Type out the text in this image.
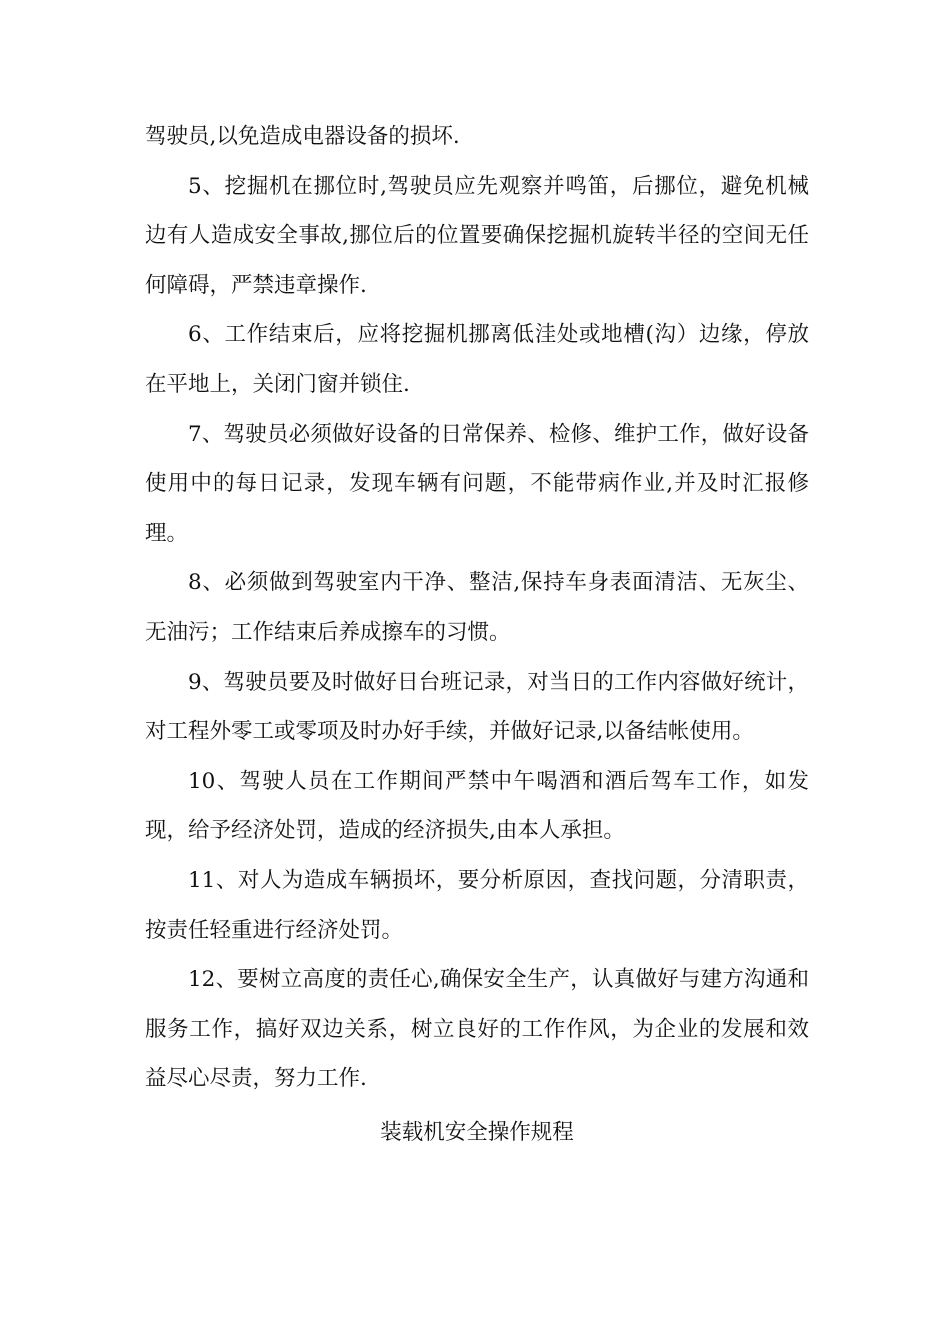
驾驶员,以免造成电器设备的损坏.

5、挖掘机在挪位时,驾驶员应先观察并鸣笛，后挪位，避免机械边有人造成安全事故,挪位后的位置要确保挖掘机旋转半径的空间无任何障碍，严禁违章操作.

6、工作结束后，应将挖掘机挪离低洼处或地槽(沟）边缘，停放在平地上，关闭门窗并锁住.

7、驾驶员必须做好设备的日常保养、检修、维护工作，做好设备使用中的每日记录，发现车辆有问题，不能带病作业,并及时汇报修理。

8、必须做到驾驶室内干净、整洁,保持车身表面清洁、无灰尘、无油污；工作结束后养成擦车的习惯。

9、驾驶员要及时做好日台班记录，对当日的工作内容做好统计，对工程外零工或零项及时办好手续，并做好记录,以备结帐使用。

10、驾驶人员在工作期间严禁中午喝酒和酒后驾车工作，如发现，给予经济处罚，造成的经济损失,由本人承担。

11、对人为造成车辆损坏，要分析原因，查找问题，分清职责，按责任轻重进行经济处罚。

12、要树立高度的责任心,确保安全生产，认真做好与建方沟通和服务工作，搞好双边关系，树立良好的工作作风，为企业的发展和效益尽心尽责，努力工作.

装载机安全操作规程
